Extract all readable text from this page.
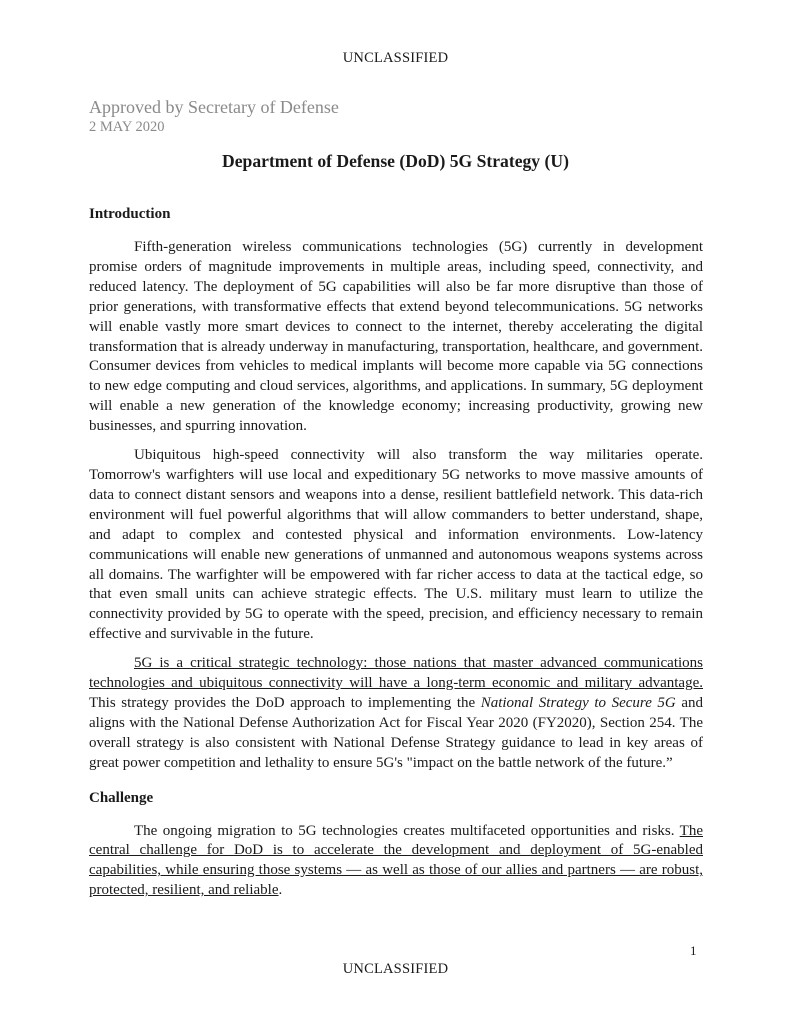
UNCLASSIFIED
Approved by Secretary of Defense
2 MAY 2020
Department of Defense (DoD) 5G Strategy (U)
Introduction

Fifth-generation wireless communications technologies (5G) currently in development promise orders of magnitude improvements in multiple areas, including speed, connectivity, and reduced latency. The deployment of 5G capabilities will also be far more disruptive than those of prior generations, with transformative effects that extend beyond telecommunications. 5G networks will enable vastly more smart devices to connect to the internet, thereby accelerating the digital transformation that is already underway in manufacturing, transportation, healthcare, and government. Consumer devices from vehicles to medical implants will become more capable via 5G connections to new edge computing and cloud services, algorithms, and applications. In summary, 5G deployment will enable a new generation of the knowledge economy; increasing productivity, growing new businesses, and spurring innovation.

Ubiquitous high-speed connectivity will also transform the way militaries operate. Tomorrow's warfighters will use local and expeditionary 5G networks to move massive amounts of data to connect distant sensors and weapons into a dense, resilient battlefield network. This data-rich environment will fuel powerful algorithms that will allow commanders to better understand, shape, and adapt to complex and contested physical and information environments. Low-latency communications will enable new generations of unmanned and autonomous weapons systems across all domains. The warfighter will be empowered with far richer access to data at the tactical edge, so that even small units can achieve strategic effects. The U.S. military must learn to utilize the connectivity provided by 5G to operate with the speed, precision, and efficiency necessary to remain effective and survivable in the future.

5G is a critical strategic technology: those nations that master advanced communications technologies and ubiquitous connectivity will have a long-term economic and military advantage. This strategy provides the DoD approach to implementing the National Strategy to Secure 5G and aligns with the National Defense Authorization Act for Fiscal Year 2020 (FY2020), Section 254. The overall strategy is also consistent with National Defense Strategy guidance to lead in key areas of great power competition and lethality to ensure 5G's "impact on the battle network of the future.”

Challenge

The ongoing migration to 5G technologies creates multifaceted opportunities and risks. The central challenge for DoD is to accelerate the development and deployment of 5G-enabled capabilities, while ensuring those systems — as well as those of our allies and partners — are robust, protected, resilient, and reliable.

1
UNCLASSIFIED
